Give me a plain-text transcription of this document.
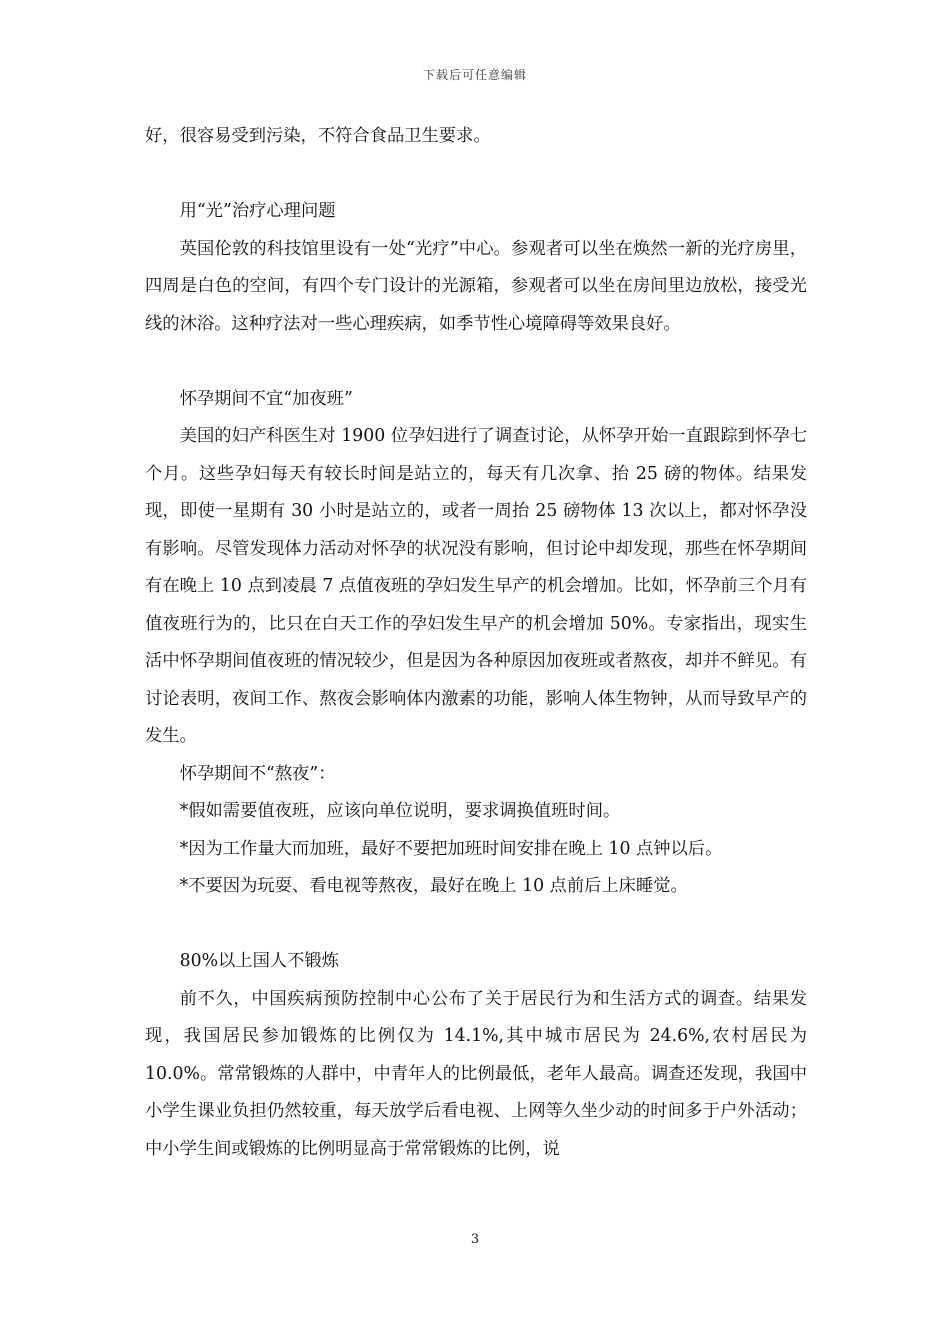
下载后可任意编辑

好，很容易受到污染，不符合食品卫生要求。

用“光”治疗心理问题

英国伦敦的科技馆里设有一处“光疗”中心。参观者可以坐在焕然一新的光疗房里，四周是白色的空间，有四个专门设计的光源箱，参观者可以坐在房间里边放松，接受光线的沐浴。这种疗法对一些心理疾病，如季节性心境障碍等效果良好。

怀孕期间不宜“加夜班”

美国的妇产科医生对 1900 位孕妇进行了调查讨论，从怀孕开始一直跟踪到怀孕七个月。这些孕妇每天有较长时间是站立的，每天有几次拿、抬 25 磅的物体。结果发现，即使一星期有 30 小时是站立的，或者一周抬 25 磅物体 13 次以上，都对怀孕没有影响。尽管发现体力活动对怀孕的状况没有影响，但讨论中却发现，那些在怀孕期间有在晚上 10 点到凌晨 7 点值夜班的孕妇发生早产的机会增加。比如，怀孕前三个月有值夜班行为的，比只在白天工作的孕妇发生早产的机会增加 50%。专家指出，现实生活中怀孕期间值夜班的情况较少，但是因为各种原因加夜班或者熬夜，却并不鲜见。有讨论表明，夜间工作、熬夜会影响体内激素的功能，影响人体生物钟，从而导致早产的发生。

怀孕期间不“熬夜”：

*假如需要值夜班，应该向单位说明，要求调换值班时间。

*因为工作量大而加班，最好不要把加班时间安排在晚上 10 点钟以后。

*不要因为玩耍、看电视等熬夜，最好在晚上 10 点前后上床睡觉。

80%以上国人不锻炼

前不久，中国疾病预防控制中心公布了关于居民行为和生活方式的调查。结果发现，我国居民参加锻炼的比例仅为 14.1%,其中城市居民为 24.6%,农村居民为 10.0%。常常锻炼的人群中，中青年人的比例最低，老年人最高。调查还发现，我国中小学生课业负担仍然较重，每天放学后看电视、上网等久坐少动的时间多于户外活动；中小学生间或锻炼的比例明显高于常常锻炼的比例，说

3
